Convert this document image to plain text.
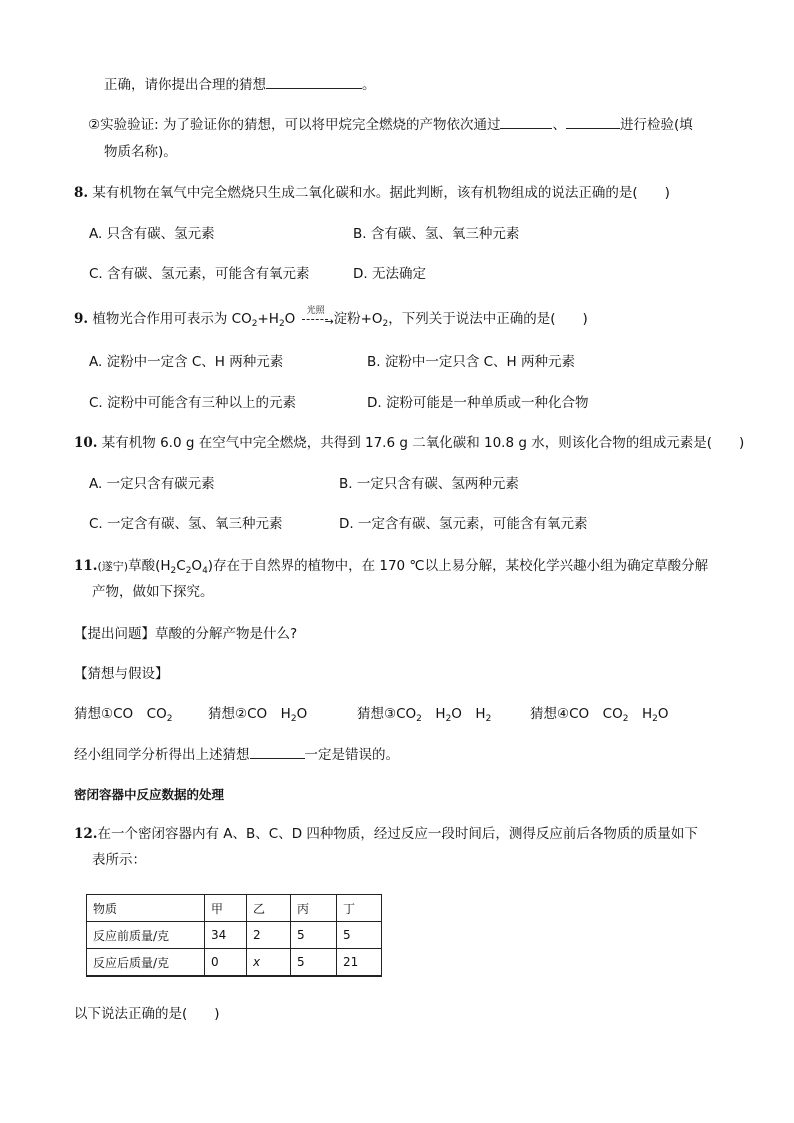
正确，请你提出合理的猜想	。
②实验验证: 为了验证你的猜想，可以将甲烷完全燃烧的产物依次通过	、	进行检验(填
物质名称)。
8. 某有机物在氧气中完全燃烧只生成二氧化碳和水。据此判断，该有机物组成的说法正确的是(　　)
A. 只含有碳、氢元素	B. 含有碳、氢、氧三种元素
C. 含有碳、氢元素，可能含有氧元素	D. 无法确定
9. 植物光合作用可表示为 $CO_2+H_2O$ 光照
→ 淀粉$+O_2$，下列关于说法中正确的是(　　)
A. 淀粉中一定含 C、H 两种元素	B. 淀粉中一定只含 C、H 两种元素
C. 淀粉中可能含有三种以上的元素	D. 淀粉可能是一种单质或一种化合物
10. 某有机物 6.0 g 在空气中完全燃烧，共得到 17.6 g 二氧化碳和 10.8 g 水，则该化合物的组成元素是(　　)
A. 一定只含有碳元素	B. 一定只含有碳、氢两种元素
C. 一定含有碳、氢、氧三种元素	D. 一定含有碳、氢元素，可能含有氧元素
11.(遂宁)草酸$(H_2C_2O_4)$存在于自然界的植物中，在 170 ℃以上易分解，某校化学兴趣小组为确定草酸分解
产物，做如下探究。
【提出问题】草酸的分解产物是什么?
【猜想与假设】
猜想①CO　$CO_2$	猜想②CO　$H_2O$	猜想$③CO_2$　$H_2O$　$H_2$	猜想④CO　$CO_2$　$H_2O$
经小组同学分析得出上述猜想	一定是错误的。
密闭容器中反应数据的处理
12.在一个密闭容器内有 A、B、C、D 四种物质，经过反应一段时间后，测得反应前后各物质的质量如下
表所示：
物质	甲	乙	丙	丁
反应前质量/克	34	2	5	5
反应后质量/克	0	x	5	21
以下说法正确的是(　　)
